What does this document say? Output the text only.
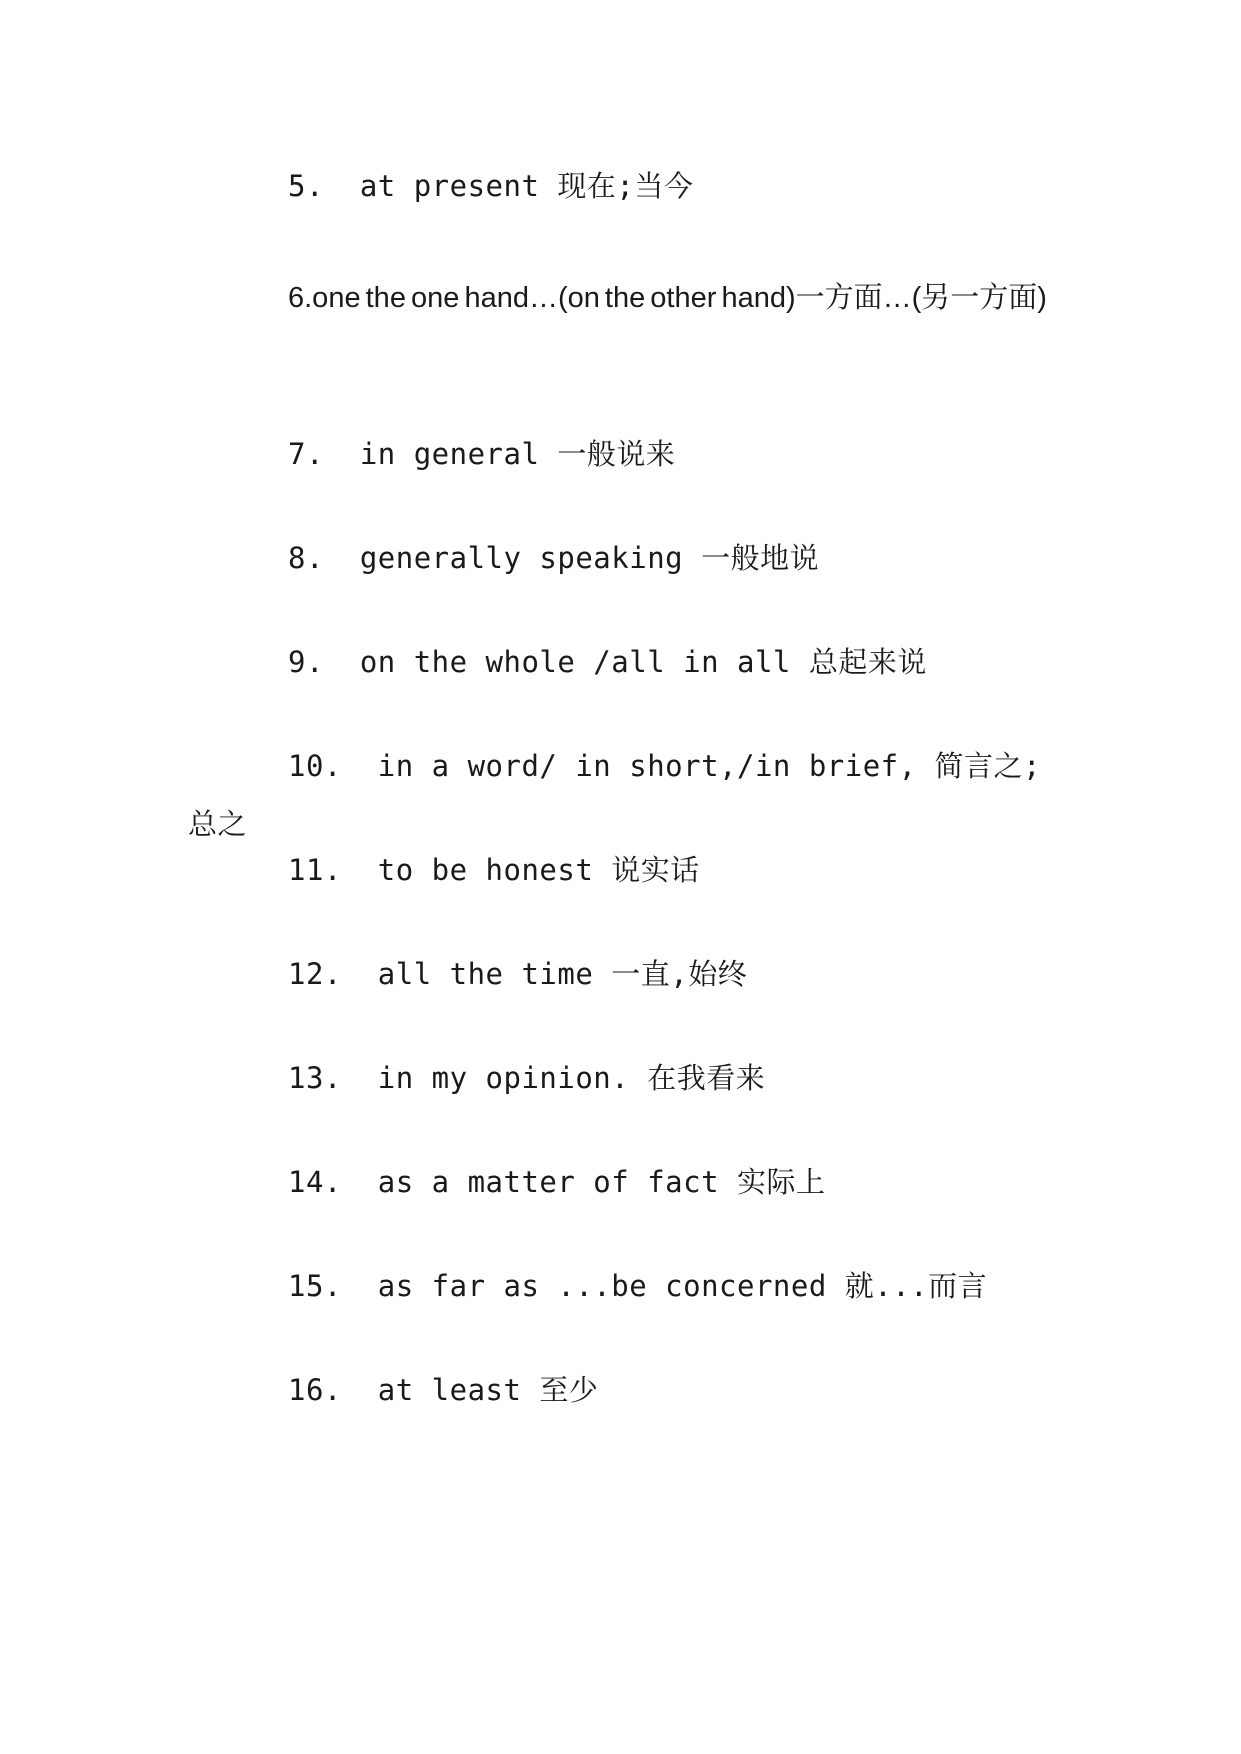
5.  at present 现在;当今
6.one the one hand…(on the other hand)一方面…(另一方面)
7.  in general 一般说来
8.  generally speaking 一般地说
9.  on the whole /all in all 总起来说
10.  in a word/ in short,/in brief, 简言之;总之
11.  to be honest 说实话
12.  all the time 一直,始终
13.  in my opinion. 在我看来
14.  as a matter of fact 实际上
15.  as far as ...be concerned 就...而言
16.  at least 至少
